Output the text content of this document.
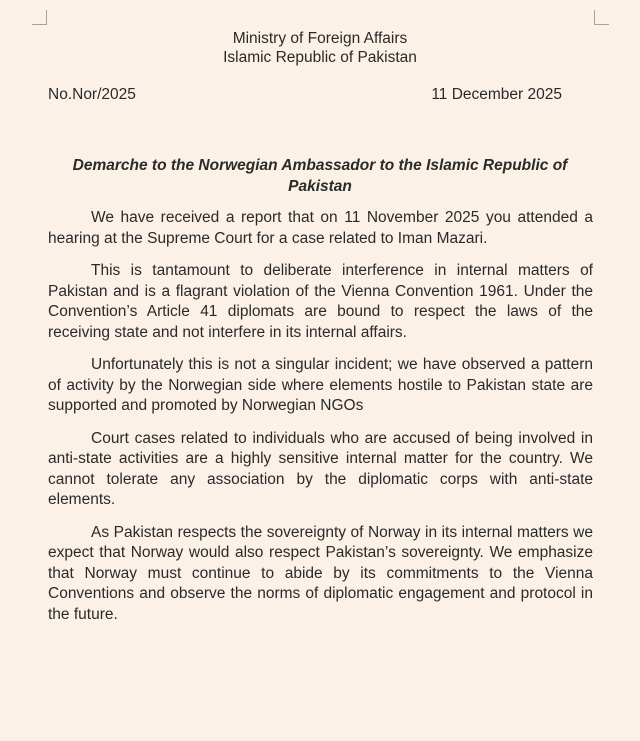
Ministry of Foreign Affairs
Islamic Republic of Pakistan
No.Nor/2025	11 December 2025
Demarche to the Norwegian Ambassador to the Islamic Republic of Pakistan

We have received a report that on 11 November 2025 you attended a hearing at the Supreme Court for a case related to Iman Mazari.

This is tantamount to deliberate interference in internal matters of Pakistan and is a flagrant violation of the Vienna Convention 1961. Under the Convention’s Article 41 diplomats are bound to respect the laws of the receiving state and not interfere in its internal affairs.

Unfortunately this is not a singular incident; we have observed a pattern of activity by the Norwegian side where elements hostile to Pakistan state are supported and promoted by Norwegian NGOs

Court cases related to individuals who are accused of being involved in anti-state activities are a highly sensitive internal matter for the country. We cannot tolerate any association by the diplomatic corps with anti-state elements.

As Pakistan respects the sovereignty of Norway in its internal matters we expect that Norway would also respect Pakistan’s sovereignty. We emphasize that Norway must continue to abide by its commitments to the Vienna Conventions and observe the norms of diplomatic engagement and protocol in the future.
